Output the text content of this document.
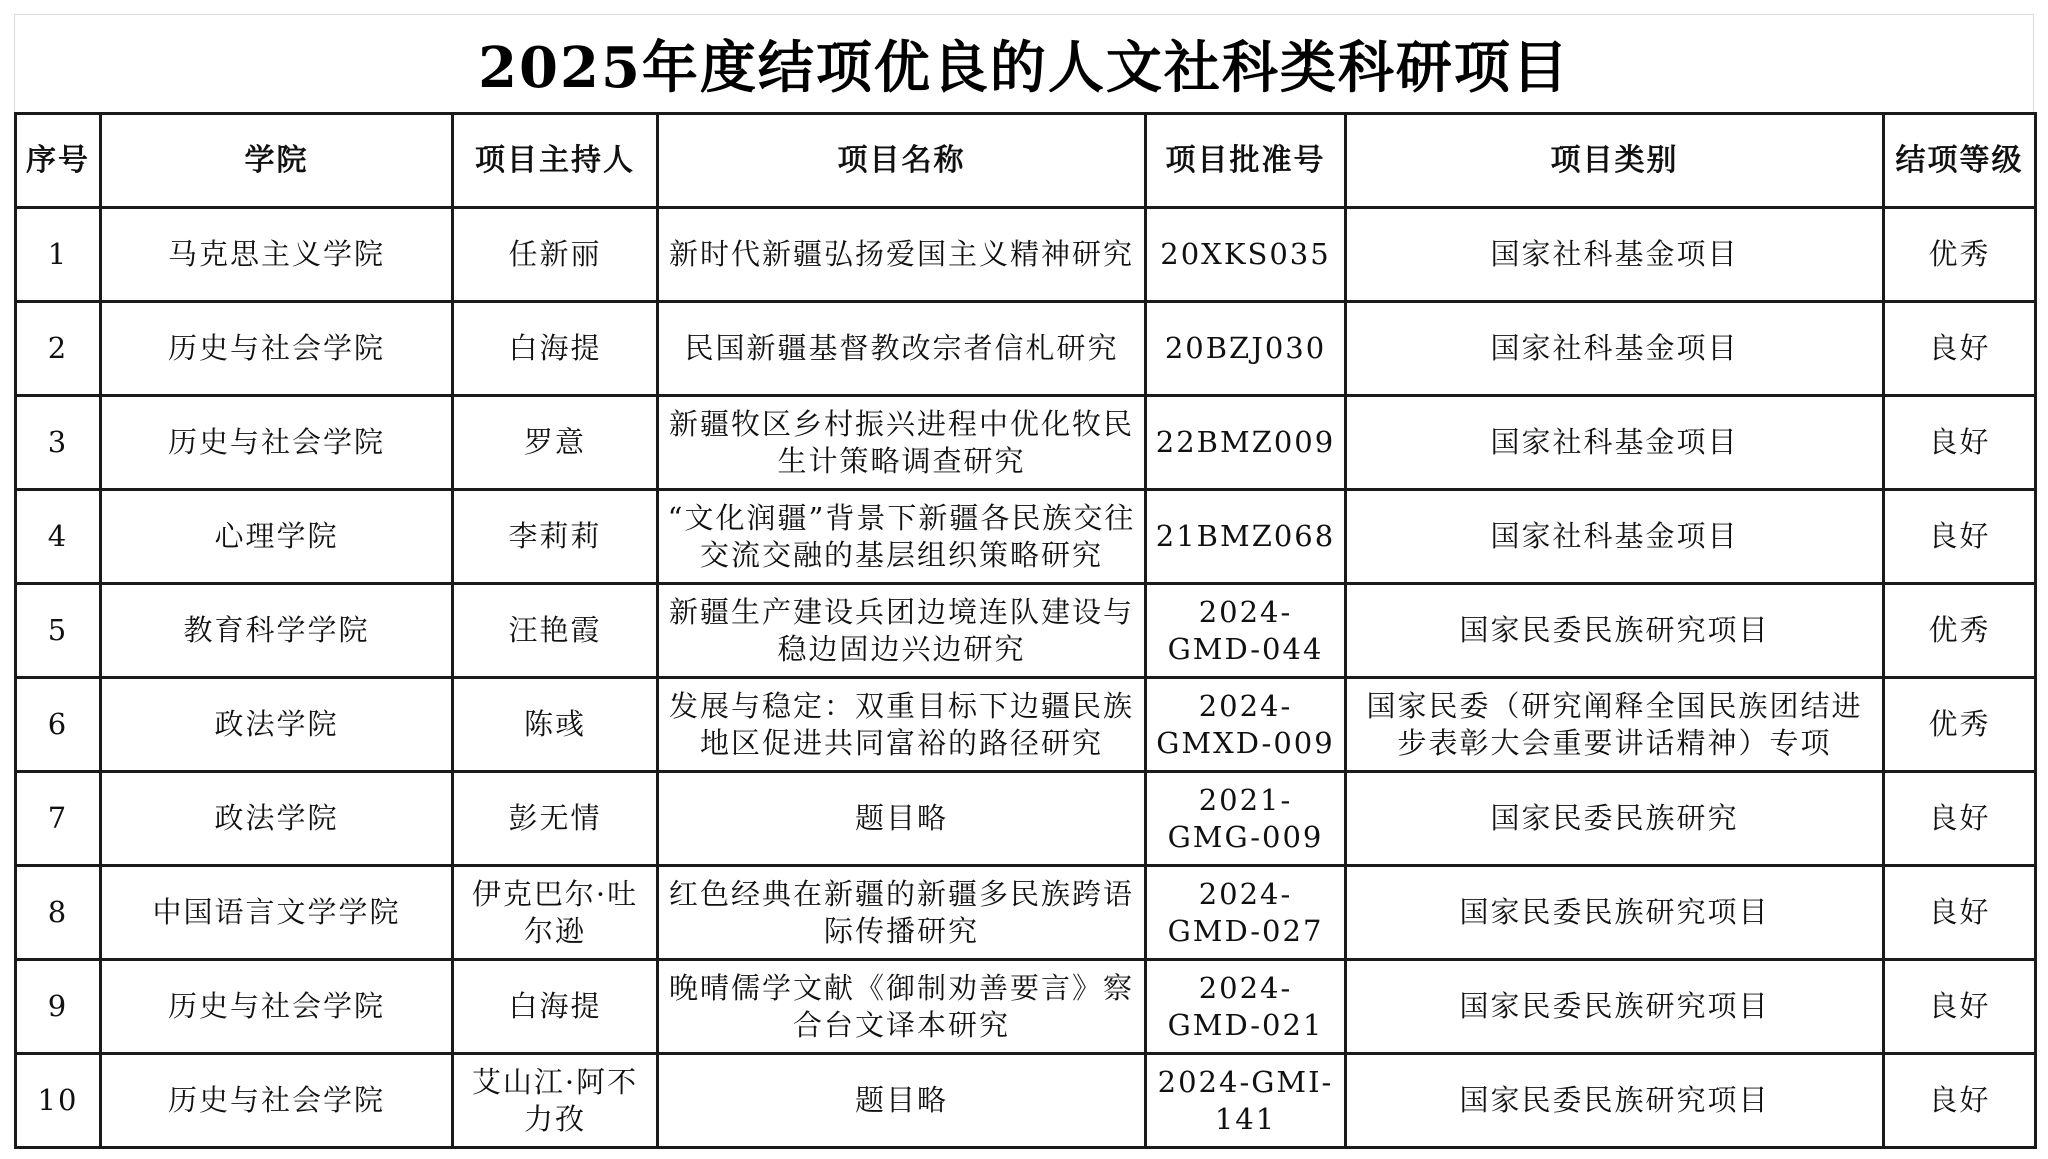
2025年度结项优良的人文社科类科研项目
序号	学院	项目主持人	项目名称	项目批准号	项目类别	结项等级
1	马克思主义学院	任新丽	新时代新疆弘扬爱国主义精神研究	20XKS035	国家社科基金项目	优秀
2	历史与社会学院	白海提	民国新疆基督教改宗者信札研究	20BZJ030	国家社科基金项目	良好
3	历史与社会学院	罗意	新疆牧区乡村振兴进程中优化牧民生计策略调查研究	22BMZ009	国家社科基金项目	良好
4	心理学院	李莉莉	“文化润疆”背景下新疆各民族交往交流交融的基层组织策略研究	21BMZ068	国家社科基金项目	良好
5	教育科学学院	汪艳霞	新疆生产建设兵团边境连队建设与稳边固边兴边研究	2024-GMD-044	国家民委民族研究项目	优秀
6	政法学院	陈彧	发展与稳定：双重目标下边疆民族地区促进共同富裕的路径研究	2024-GMXD-009	国家民委（研究阐释全国民族团结进步表彰大会重要讲话精神）专项	优秀
7	政法学院	彭无情	题目略	2021-GMG-009	国家民委民族研究	良好
8	中国语言文学学院	伊克巴尔·吐尔逊	红色经典在新疆的新疆多民族跨语际传播研究	2024-GMD-027	国家民委民族研究项目	良好
9	历史与社会学院	白海提	晚晴儒学文献《御制劝善要言》察合台文译本研究	2024-GMD-021	国家民委民族研究项目	良好
10	历史与社会学院	艾山江·阿不力孜	题目略	2024-GMI-141	国家民委民族研究项目	良好
